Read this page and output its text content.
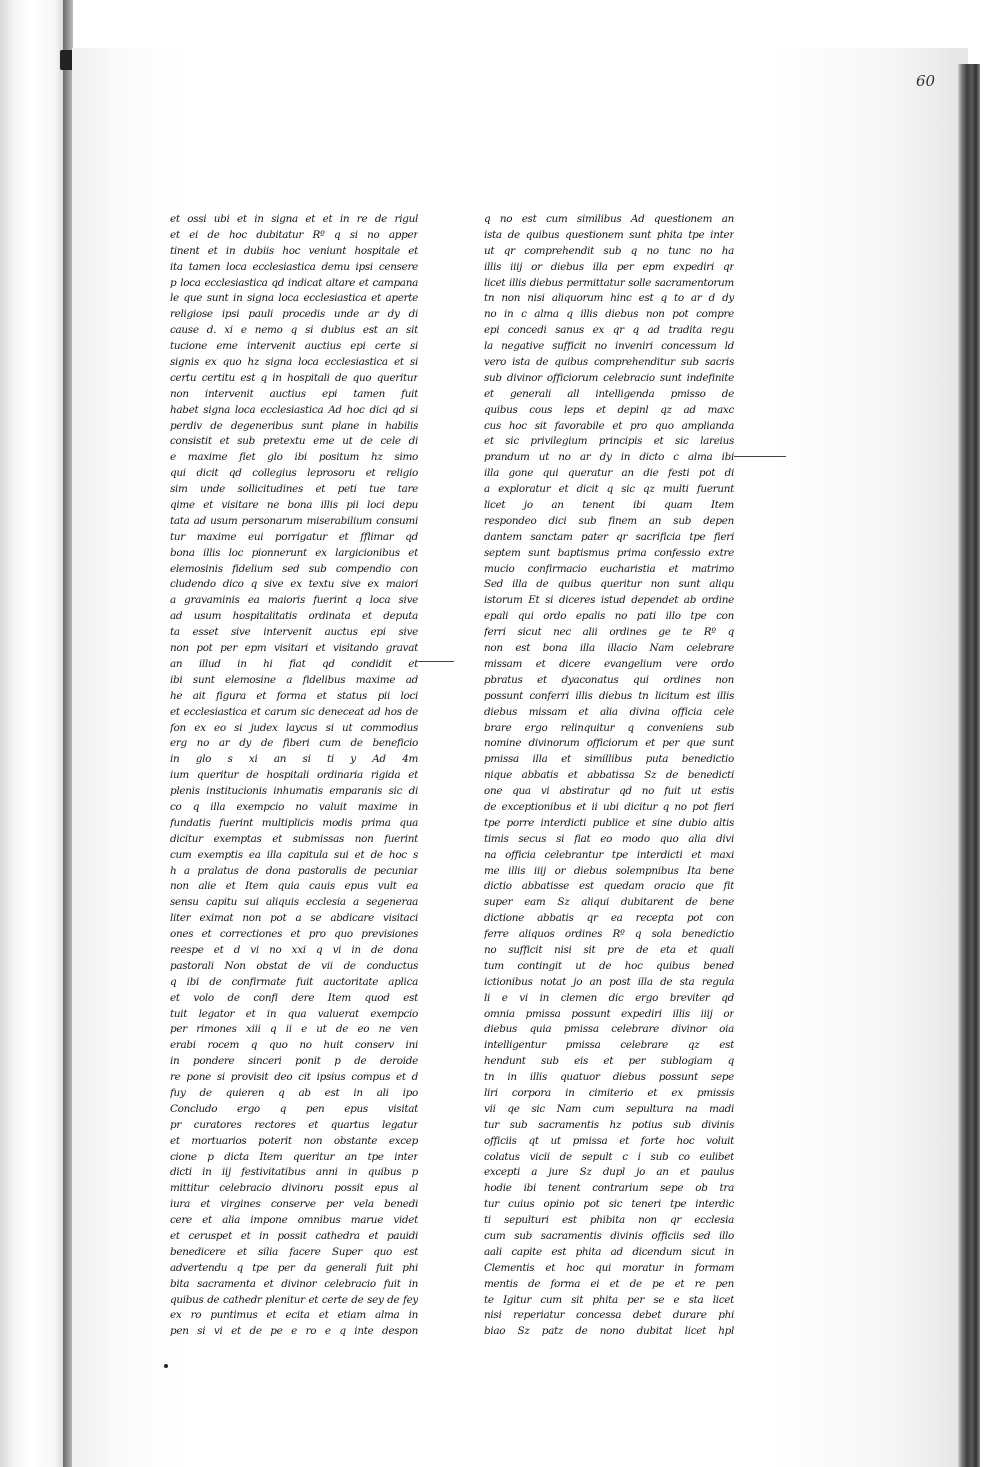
60
et ossi ubi et in signa et et in re de rigul
et ei de hoc dubitatur Rº q si no apper
tinent et in dubiis hoc veniunt hospitale et
ita tamen loca ecclesiastica demu ipsi censere
p loca ecclesiastica qd indicat altare et campana
le que sunt in signa loca ecclesiastica et aperte
religiose ipsi pauli procedis unde ar dy di
cause d. xi e nemo q si dubius est an sit
tucione eme intervenit auctius epi certe si
signis ex quo hz signa loca ecclesiastica et si
certu certitu est q in hospitali de quo queritur
non intervenit auctius epi tamen fuit
habet signa loca ecclesiastica Ad hoc dici qd si
perdiv de degeneribus sunt plane in habilis
consistit et sub pretextu eme ut de cele di
e maxime fiet glo ibi positum hz simo
qui dicit qd collegius leprosoru et religio
sim unde sollicitudines et peti tue tare
qime et visitare ne bona illis pii loci depu
tata ad usum personarum miserabilium consumi
tur maxime eui porrigatur et fflimar qd
bona illis loc pionnerunt ex largicionibus et
elemosinis fidelium sed sub compendio con
cludendo dico q sive ex textu sive ex maiori
a gravaminis ea maioris fuerint q loca sive
ad usum hospitalitatis ordinata et deputa
ta esset sive intervenit auctus epi sive
non pot per epm visitari et visitando gravat
an illud in hi fiat qd condidit et
ibi sunt elemosine a fidelibus maxime ad
he ait figura et forma et status pii loci
et ecclesiastica et carum sic deneceat ad hos de
fon ex eo si judex laycus si ut commodius
erg no ar dy de fiberi cum de beneficio
in glo s xi an si ti y Ad 4m
ium queritur de hospitali ordinaria rigida et
plenis institucionis inhumatis emparanis sic di
co q illa exempcio no valuit maxime in
fundatis fuerint multiplicis modis prima qua
dicitur exemptas et submissas non fuerint
cum exemptis ea illa capitula sui et de hoc s
h a pralatus de dona pastoralis de pecuniar
non alie et Item quia cauis epus vult ea
sensu capitu sui aliquis ecclesia a segeneraa
liter eximat non pot a se abdicare visitaci
ones et correctiones et pro quo previsiones
reespe et d vi no xxi q vi in de dona
pastorali Non obstat de vii de conductus
q ibi de confirmate fuit auctoritate aplica
et volo de confi dere Item quod est
tuit legator et in qua valuerat exempcio
per rimones xiii q ii e ut de eo ne ven
erabi rocem q quo no huit conserv ini
in pondere sinceri ponit p de deroide
re pone si provisit deo cit ipsius compus et d
fuy de quieren q ab est in ali ipo
Concludo ergo q pen epus visitat
pr curatores rectores et quartus legatur
et mortuarios poterit non obstante excep
cione p dicta Item queritur an tpe inter
dicti in iij festivitatibus anni in quibus p
mittitur celebracio divinoru possit epus al
iura et virgines conserve per vela benedi
cere et alia impone omnibus marue videt
et ceruspet et in possit cathedra et pauidi
benedicere et silia facere Super quo est
advertendu q tpe per da generali fuit phi
bita sacramenta et divinor celebracio fuit in
quibus de cathedr plenitur et certe de sey de fey
ex ro puntimus et ecita et etiam alma in
pen si vi et de pe e ro e q inte despon
q no est cum similibus Ad questionem an
ista de quibus questionem sunt phita tpe inter
ut qr comprehendit sub q no tunc no ha
illis iiij or diebus illa per epm expediri qr
licet illis diebus permittatur solle sacramentorum
tn non nisi aliquorum hinc est q to ar d dy
no in c alma q illis diebus non pot compre
epi concedi sanus ex qr q ad tradita regu
la negative sufficit no inveniri concessum ld
vero ista de quibus comprehenditur sub sacris
sub divinor officiorum celebracio sunt indefinite
et generali all intelligenda pmisso de
quibus cous leps et depinl qz ad maxc
cus hoc sit favorabile et pro quo amplianda
et sic privilegium principis et sic lareius
prandum ut no ar dy in dicto c alma ibi
illa gone qui queratur an die festi pot di
a exploratur et dicit q sic qz multi fuerunt
licet jo an tenent ibi quam Item
respondeo dici sub finem an sub depen
dantem sanctam pater qr sacrificia tpe fieri
septem sunt baptismus prima confessio extre
mucio confirmacio eucharistia et matrimo
Sed illa de quibus queritur non sunt aliqu
istorum Et si diceres istud dependet ab ordine
epali qui ordo epalis no pati illo tpe con
ferri sicut nec alii ordines ge te Rº q
non est bona illa illacio Nam celebrare
missam et dicere evangelium vere ordo
pbratus et dyaconatus qui ordines non
possunt conferri illis diebus tn licitum est illis
diebus missam et alia divina officia cele
brare ergo relinquitur q conveniens sub
nomine divinorum officiorum et per que sunt
pmissa illa et simillibus puta benedictio
nique abbatis et abbatissa Sz de benedicti
one qua vi abstiratur qd no fuit ut estis
de exceptionibus et ii ubi dicitur q no pot fieri
tpe porre interdicti publice et sine dubio altis
timis secus si fiat eo modo quo alia divi
na officia celebrantur tpe interdicti et maxi
me illis iiij or diebus solempnibus Ita bene
dictio abbatisse est quedam oracio que fit
super eam Sz aliqui dubitarent de bene
dictione abbatis qr ea recepta pot con
ferre aliquos ordines Rº q sola benedictio
no sufficit nisi sit pre de eta et quali
tum contingit ut de hoc quibus bened
ictionibus notat jo an post illa de sta regula
li e vi in clemen dic ergo breviter qd
omnia pmissa possunt expediri illis iiij or
diebus quia pmissa celebrare divinor oia
intelligentur pmissa celebrare qz est
hendunt sub eis et per sublogiam q
tn in illis quatuor diebus possunt sepe
liri corpora in cimiterio et ex pmissis
vii qe sic Nam cum sepultura na madi
tur sub sacramentis hz potius sub divinis
officiis qt ut pmissa et forte hoc voluit
colatus vicii de sepult c i sub co eulibet
excepti a jure Sz dupl jo an et paulus
hodie ibi tenent contrarium sepe ob tra
tur cuius opinio pot sic teneri tpe interdic
ti sepulturi est phibita non qr ecclesia
cum sub sacramentis divinis officiis sed illo
aali capite est phita ad dicendum sicut in
Clementis et hoc qui moratur in formam
mentis de forma ei et de pe et re pen
te Igitur cum sit phita per se e sta licet
nisi reperiatur concessa debet durare phi
biao Sz patz de nono dubitat licet hpl
